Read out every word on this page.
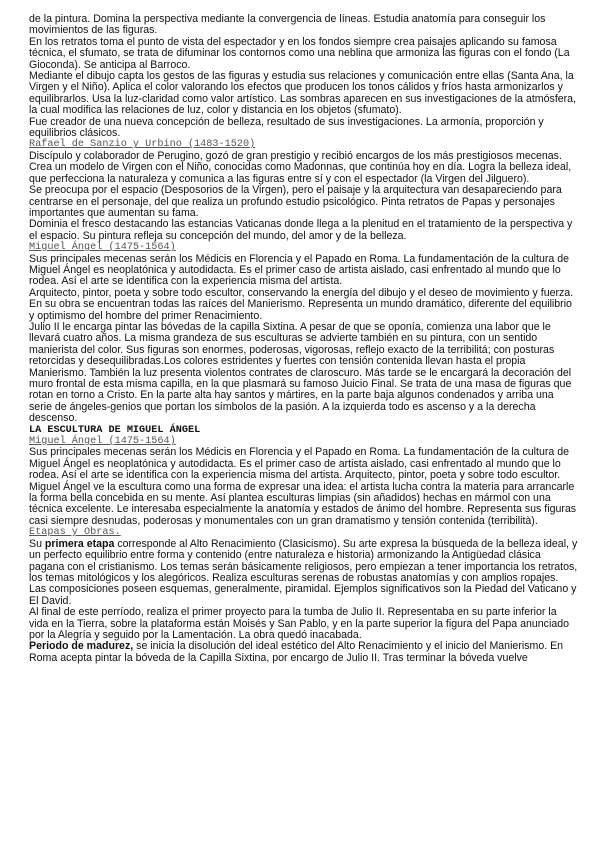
de la pintura. Domina la perspectiva mediante la convergencia de líneas. Estudia anatomía para conseguir los movimientos de las figuras.

En los retratos toma el punto de vista del espectador y en los fondos siempre crea paisajes aplicando su famosa técnica, el sfumato, se trata de difuminar los contornos como una neblina que armoniza las figuras con el fondo (La Gioconda). Se anticipa al Barroco.

Mediante el dibujo capta los gestos de las figuras y estudia sus relaciones y comunicación entre ellas (Santa Ana, la Virgen y el Niño). Aplica el color valorando los efectos que producen los tonos cálidos y fríos hasta armonizarlos y equilibrarlos. Usa la luz-claridad como valor artístico. Las sombras aparecen en sus investigaciones de la atmósfera, la cual modifica las relaciones de luz, color y distancia en los objetos (sfumato).

Fue creador de una nueva concepción de belleza, resultado de sus investigaciones. La armonía, proporción y equilibrios clásicos.

Rafael de Sanzio y Urbino (1483-1520)

Discípulo y colaborador de Perugino, gozó de gran prestigio y recibió encargos de los más prestigiosos mecenas. Crea un modelo de Virgen con el Niño, conocidas como Madonnas, que continúa hoy en día. Logra la belleza ideal, que perfecciona la naturaleza y comunica a las figuras entre sí y con el espectador (la Virgen del Jilguero).

Se preocupa por el espacio (Desposorios de la Virgen), pero el paisaje y la arquitectura van desapareciendo para centrarse en el personaje, del que realiza un profundo estudio psicológico. Pinta retratos de Papas y personajes importantes que aumentan su fama.

Dominia el fresco destacando las estancias Vaticanas donde llega a la plenitud en el tratamiento de la perspectiva y el espacio. Su pintura refleja su concepción del mundo, del amor y de la belleza.

Miguel Ángel (1475-1564)

Sus principales mecenas serán los Médicis en Florencia y el Papado en Roma. La fundamentación de la cultura de Miguel Ángel es neoplatónica y autodidacta. Es el primer caso de artista aislado, casi enfrentado al mundo que lo rodea. Así el arte se identifica con la experiencia misma del artista.

Arquitecto, pintor, poeta y sobre todo escultor, conservando la energía del dibujo y el deseo de movimiento y fuerza. En su obra se encuentran todas las raíces del Manierismo. Representa un mundo dramático, diferente del equilibrio y optimismo del hombre del primer Renacimiento.

Julio II le encarga pintar las bóvedas de la capilla Sixtina. A pesar de que se oponía, comienza una labor que le llevará cuatro años. La misma grandeza de sus esculturas se advierte también en su pintura, con un sentido manierista del color. Sus figuras son enormes, poderosas, vigorosas, reflejo exacto de la terribilitá; con posturas retorcidas y desequilibradas.Los colores estridentes y fuertes con tensión contenida llevan hasta el propia Manierismo. También la luz presenta violentos contrates de claroscuro. Más tarde se le encargará la decoración del muro frontal de esta misma capilla, en la que plasmará su famoso Juicio Final. Se trata de una masa de figuras que rotan en torno a Cristo. En la parte alta hay santos y mártires, en la parte baja algunos condenados y arriba una serie de ángeles-genios que portan los símbolos de la pasión. A la izquierda todo es ascenso y a la derecha descenso.

LA ESCULTURA DE MIGUEL ÁNGEL

Miguel Ángel (1475-1564)

Sus principales mecenas serán los Médicis en Florencia y el Papado en Roma. La fundamentación de la cultura de Miguel Ángel es neoplatónica y autodidacta. Es el primer caso de artista aislado, casi enfrentado al mundo que lo rodea. Así el arte se identifica con la experiencia misma del artista. Arquitecto, pintor, poeta y sobre todo escultor.

Miguel Ángel ve la escultura como una forma de expresar una idea: el artista lucha contra la materia para arrancarle la forma bella concebida en su mente. Así plantea esculturas limpias (sin añadidos) hechas en mármol con una técnica excelente. Le interesaba especialmente la anatomía y estados de ánimo del hombre. Representa sus figuras casi siempre desnudas, poderosas y monumentales con un gran dramatismo y tensión contenida (terribilità).

Etapas y Obras.

Su primera etapa corresponde al Alto Renacimiento (Clasicismo). Su arte expresa la búsqueda de la belleza ideal, y un perfecto equilibrio entre forma y contenido (entre naturaleza e historia) armonizando la Antigüedad clásica pagana con el cristianismo. Los temas serán básicamente religiosos, pero empiezan a tener importancia los retratos, los temas mitológicos y los alegóricos. Realiza esculturas serenas de robustas anatomías y con amplios ropajes. Las composiciones poseen esquemas, generalmente, piramidal. Ejemplos significativos son la Piedad del Vaticano y El David.

Al final de este perríodo, realiza el primer proyecto para la tumba de Julio II. Representaba en su parte inferior la vida en la Tierra, sobre la plataforma están Moisés y San Pablo, y en la parte superior la figura del Papa anunciado por la Alegría y seguido por la Lamentación. La obra quedó inacabada.

Periodo de madurez, se inicia la disolución del ideal estético del Alto Renacimiento y el inicio del Manierismo. En Roma acepta pintar la bóveda de la Capilla Sixtina, por encargo de Julio II. Tras terminar la bóveda vuelve
